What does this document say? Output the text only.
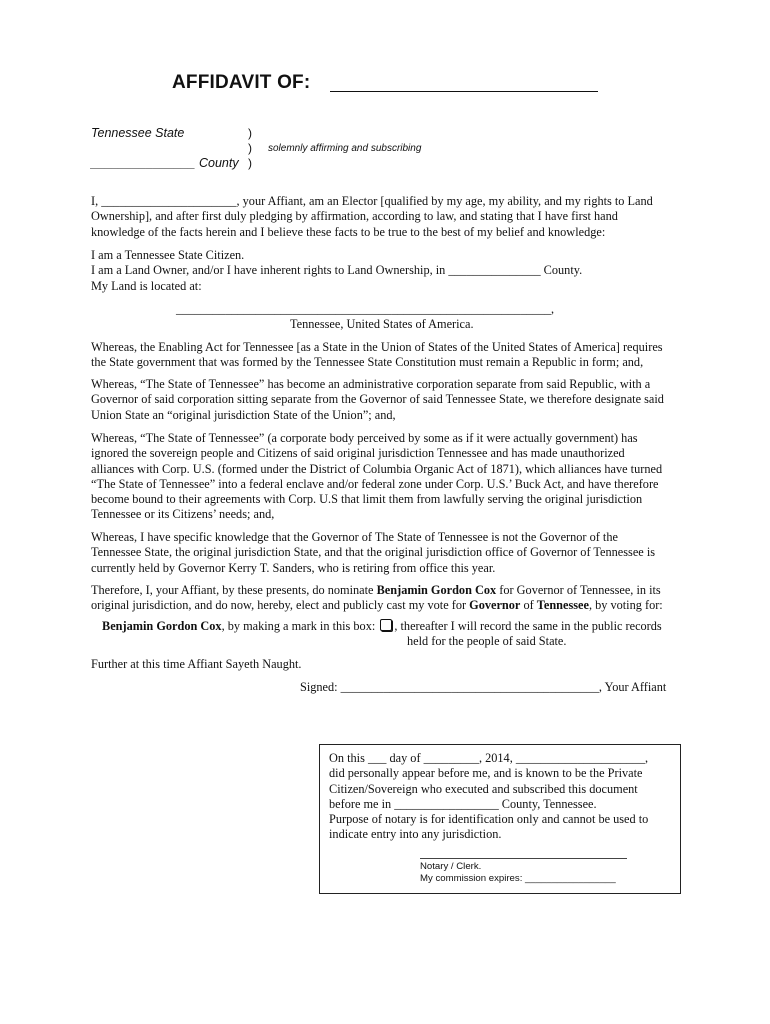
AFFIDAVIT OF:
Tennessee State	)
) solemnly affirming and subscribing
_______________ County )
I, ______________________, your Affiant, am an Elector [qualified by my age, my ability, and my rights to Land
Ownership], and after first duly pledging by affirmation, according to law, and stating that I have first hand
knowledge of the facts herein and I believe these facts to be true to the best of my belief and knowledge:
I am a Tennessee State Citizen.
I am a Land Owner, and/or I have inherent rights to Land Ownership, in _______________ County.
My Land is located at:
_____________________________________________________________,
Tennessee, United States of America.
Whereas, the Enabling Act for Tennessee [as a State in the Union of States of the United States of America] requires
the State government that was formed by the Tennessee State Constitution must remain a Republic in form; and,
Whereas, “The State of Tennessee” has become an administrative corporation separate from said Republic, with a
Governor of said corporation sitting separate from the Governor of said Tennessee State, we therefore designate said
Union State an “original jurisdiction State of the Union”; and,
Whereas, “The State of Tennessee” (a corporate body perceived by some as if it were actually government) has
ignored the sovereign people and Citizens of said original jurisdiction Tennessee and has made unauthorized
alliances with Corp. U.S. (formed under the District of Columbia Organic Act of 1871), which alliances have turned
“The State of Tennessee” into a federal enclave and/or federal zone under Corp. U.S.’ Buck Act, and have therefore
become bound to their agreements with Corp. U.S that limit them from lawfully serving the original jurisdiction
Tennessee or its Citizens’ needs; and,
Whereas, I have specific knowledge that the Governor of The State of Tennessee is not the Governor of the
Tennessee State, the original jurisdiction State, and that the original jurisdiction office of Governor of Tennessee is
currently held by Governor Kerry T. Sanders, who is retiring from office this year.
Therefore, I, your Affiant, by these presents, do nominate Benjamin Gordon Cox for Governor of Tennessee, in its
original jurisdiction, and do now, hereby, elect and publicly cast my vote for Governor of Tennessee, by voting for:
Benjamin Gordon Cox, by making a mark in this box: , thereafter I will record the same in the public records
held for the people of said State.
Further at this time Affiant Sayeth Naught.
Signed: __________________________________________, Your Affiant
On this ___ day of _________, 2014, _____________________,
did personally appear before me, and is known to be the Private
Citizen/Sovereign who executed and subscribed this document
before me in _________________ County, Tennessee.
Purpose of notary is for identification only and cannot be used to
indicate entry into any jurisdiction.
Notary / Clerk.
My commission expires: _________________
